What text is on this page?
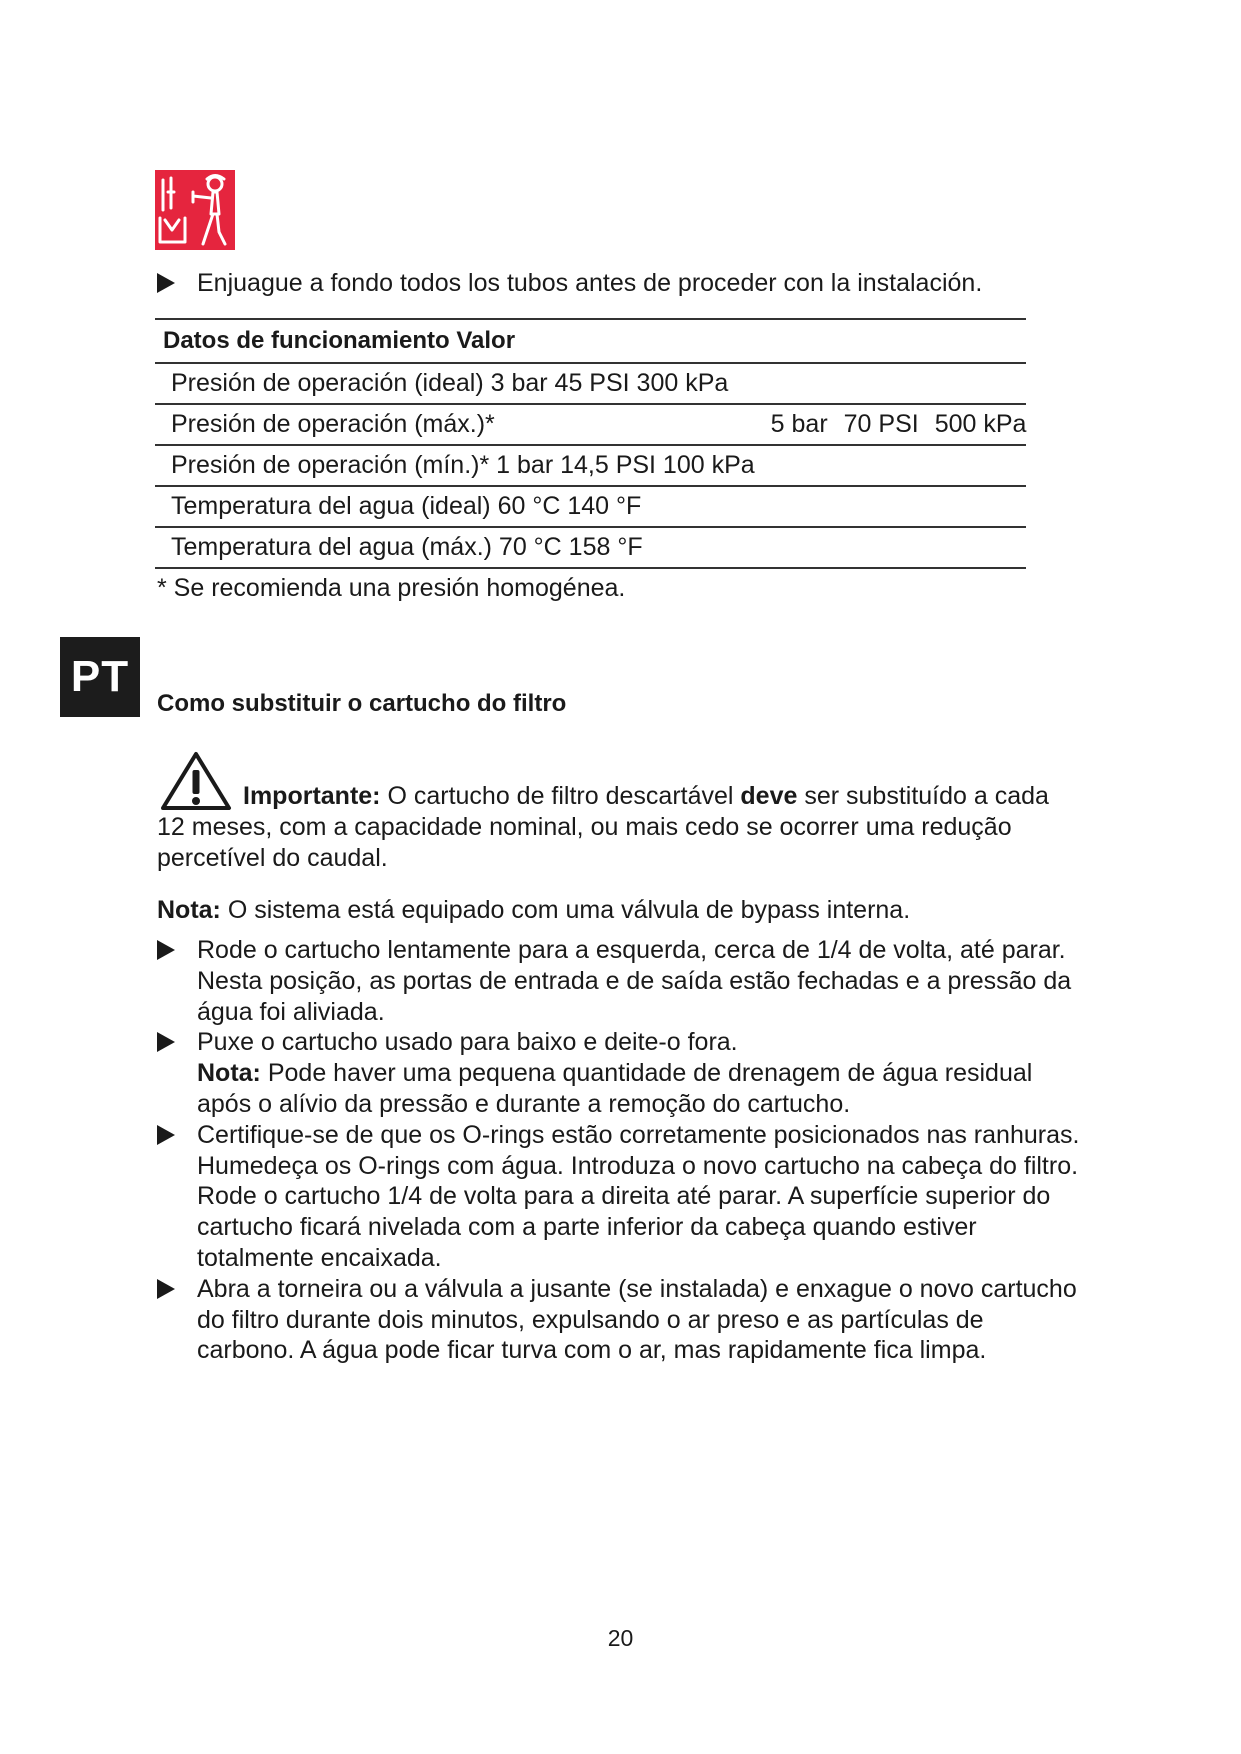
Enjuague a fondo todos los tubos antes de proceder con la instalación.
Datos de funcionamiento Valor			
Presión de operación (ideal) 3 bar 45 PSI 300 kPa			
Presión de operación (máx.)*	5 bar	70 PSI	500 kPa
Presión de operación (mín.)* 1 bar 14,5 PSI 100 kPa			
Temperatura del agua (ideal) 60 °C 140 °F			
Temperatura del agua (máx.) 70 °C 158 °F			
* Se recomienda una presión homogénea.
PT
Como substituir o cartucho do filtro
Importante: O cartucho de filtro descartável deve ser substituído a cada 12 meses, com a capacidade nominal, ou mais cedo se ocorrer uma redução percetível do caudal.
Nota: O sistema está equipado com uma válvula de bypass interna.
Rode o cartucho lentamente para a esquerda, cerca de 1/4 de volta, até parar. Nesta posição, as portas de entrada e de saída estão fechadas e a pressão da água foi aliviada.
Puxe o cartucho usado para baixo e deite-o fora.
Nota: Pode haver uma pequena quantidade de drenagem de água residual após o alívio da pressão e durante a remoção do cartucho.
Certifique-se de que os O-rings estão corretamente posicionados nas ranhuras. Humedeça os O-rings com água. Introduza o novo cartucho na cabeça do filtro. Rode o cartucho 1/4 de volta para a direita até parar. A superfície superior do cartucho ficará nivelada com a parte inferior da cabeça quando estiver totalmente encaixada.
Abra a torneira ou a válvula a jusante (se instalada) e enxague o novo cartucho do filtro durante dois minutos, expulsando o ar preso e as partículas de carbono. A água pode ficar turva com o ar, mas rapidamente fica limpa.
20
